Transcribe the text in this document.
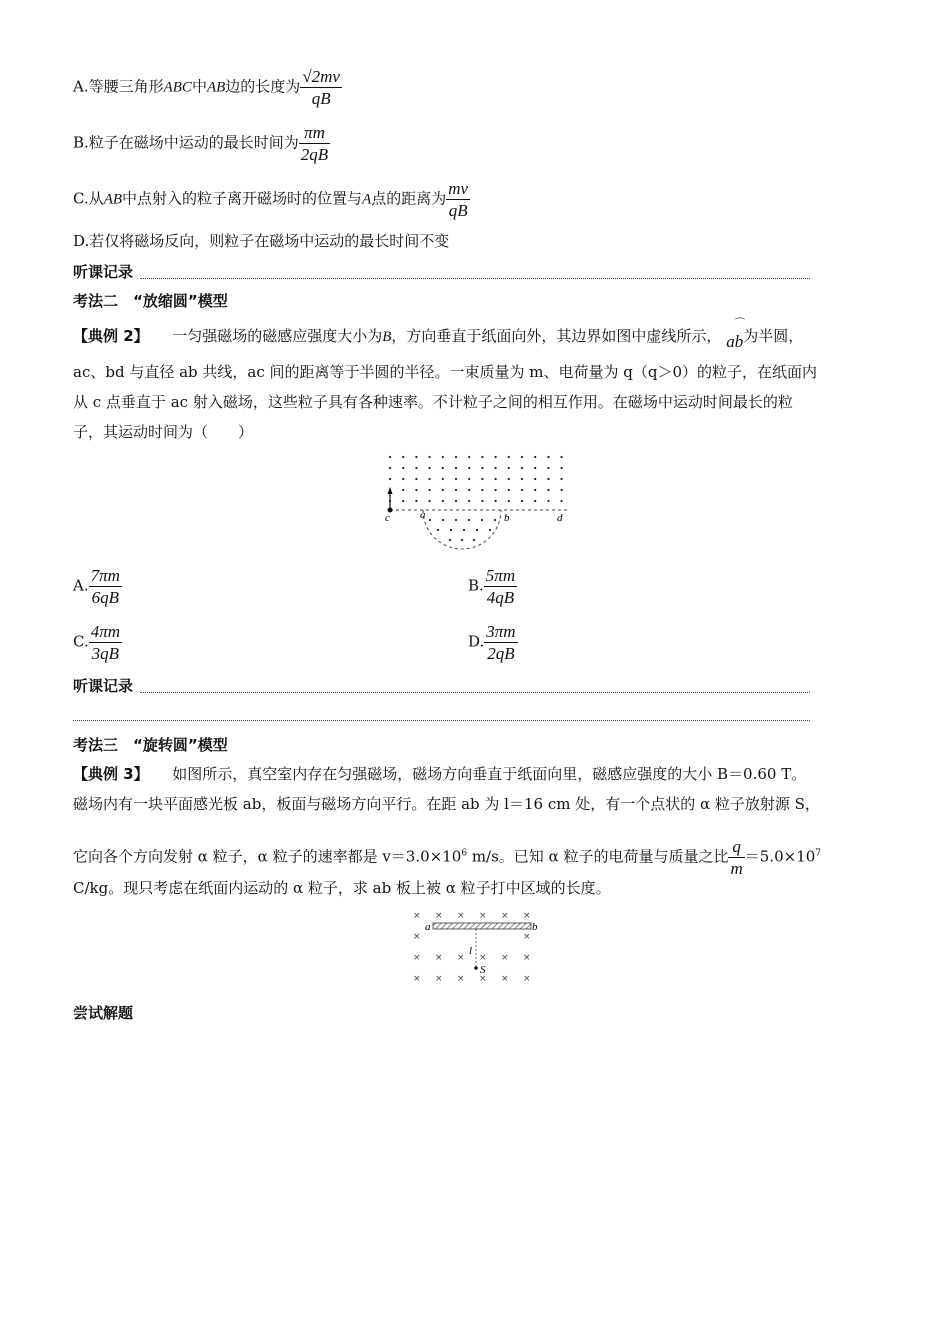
A.等腰三角形ABC中AB边的长度为 $\frac{√2mv}{qB}$
B.粒子在磁场中运动的最长时间为 $\frac{\pi m}{2qB}$
C.从AB中点射入的粒子离开磁场时的位置与A点的距离为 $\frac{mv}{qB}$
D.若仅将磁场反向，则粒子在磁场中运动的最长时间不变
听课记录
考法二　“放缩圆”模型
【典例 2】 一匀强磁场的磁感应强度大小为B，方向垂直于纸面向外，其边界如图中虚线所示，
⌒
ab为半圆，
ac、bd 与直径 ab 共线，ac 间的距离等于半圆的半径。一束质量为 m、电荷量为 q（q＞0）的粒子，在纸面内
从 c 点垂直于 ac 射入磁场，这些粒子具有各种速率。不计粒子之间的相互作用。在磁场中运动时间最长的粒
子，其运动时间为（　　）
c	a	b	d
A. $\frac{7\pi m}{6qB}$	B. $\frac{5\pi m}{4qB}$
C. $\frac{4\pi m}{3qB}$	D. $\frac{3\pi m}{2qB}$
听课记录
考法三　“旋转圆”模型
【典例 3】 如图所示，真空室内存在匀强磁场，磁场方向垂直于纸面向里，磁感应强度的大小 B＝0.60 T。
磁场内有一块平面感光板 ab，板面与磁场方向平行。在距 ab 为 l＝16 cm 处，有一个点状的 α 粒子放射源 S，
它向各个方向发射 α 粒子，α 粒子的速率都是 $v=3.0\times 10^6$ m/s。已知 α 粒子的电荷量与质量之比 $\frac{q}{m} =5.0\times 10^7$
C/kg。现只考虑在纸面内运动的 α 粒子，求 ab 板上被 α 粒子打中区域的长度。
× × × × × ×
×	×
× × × × × ×
× × × × × ×
a	b
l
S
尝试解题
